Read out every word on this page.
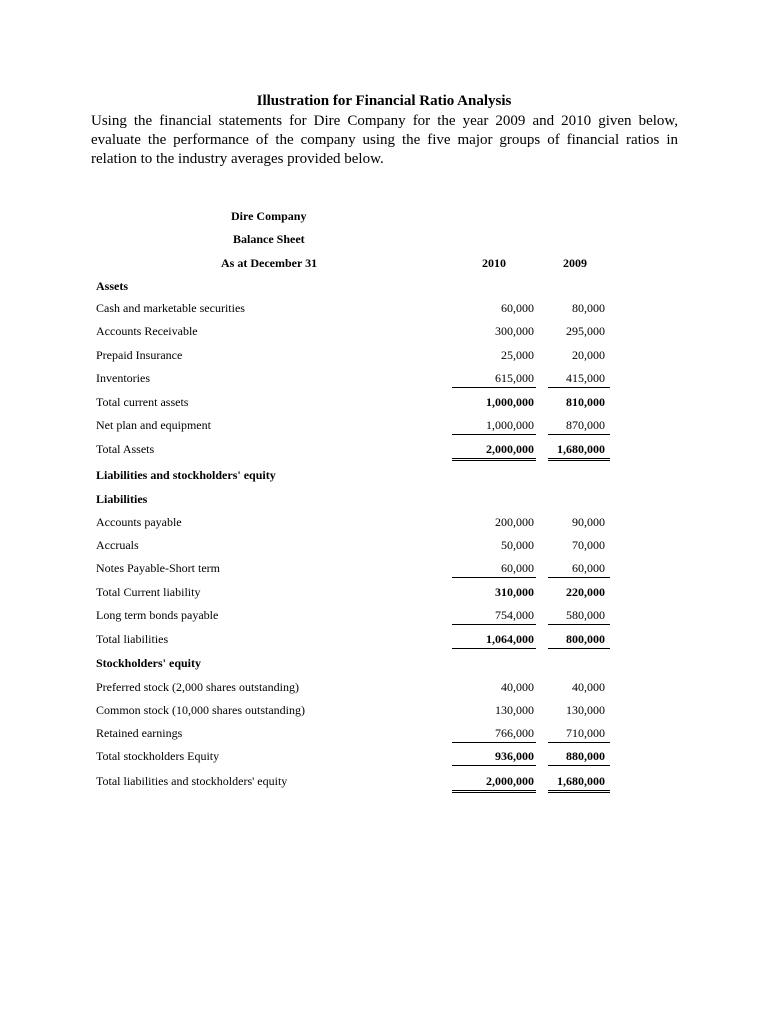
Illustration for Financial Ratio Analysis
Using the financial statements for Dire Company for the year 2009 and 2010 given below, evaluate the performance of the company using the five major groups of financial ratios in relation to the industry averages provided below.
Dire Company
Balance Sheet
As at December 31	2010	2009
Assets
Cash and marketable securities	60,000	80,000
Accounts Receivable	300,000	295,000
Prepaid Insurance	25,000	20,000
Inventories	615,000	415,000
Total current assets	1,000,000	810,000
Net plan and equipment	1,000,000	870,000
Total Assets	2,000,000 1,680,000
Liabilities and stockholders' equity
Liabilities
Accounts payable	200,000	90,000
Accruals	50,000	70,000
Notes Payable-Short term	60,000	60,000
Total Current liability	310,000	220,000
Long term bonds payable	754,000	580,000
Total liabilities	1,064,000	800,000
Stockholders' equity
Preferred stock (2,000 shares outstanding)	40,000	40,000
Common stock (10,000 shares outstanding)	130,000	130,000
Retained earnings	766,000	710,000
Total stockholders Equity	936,000	880,000
Total liabilities and stockholders' equity	2,000,000 1,680,000
